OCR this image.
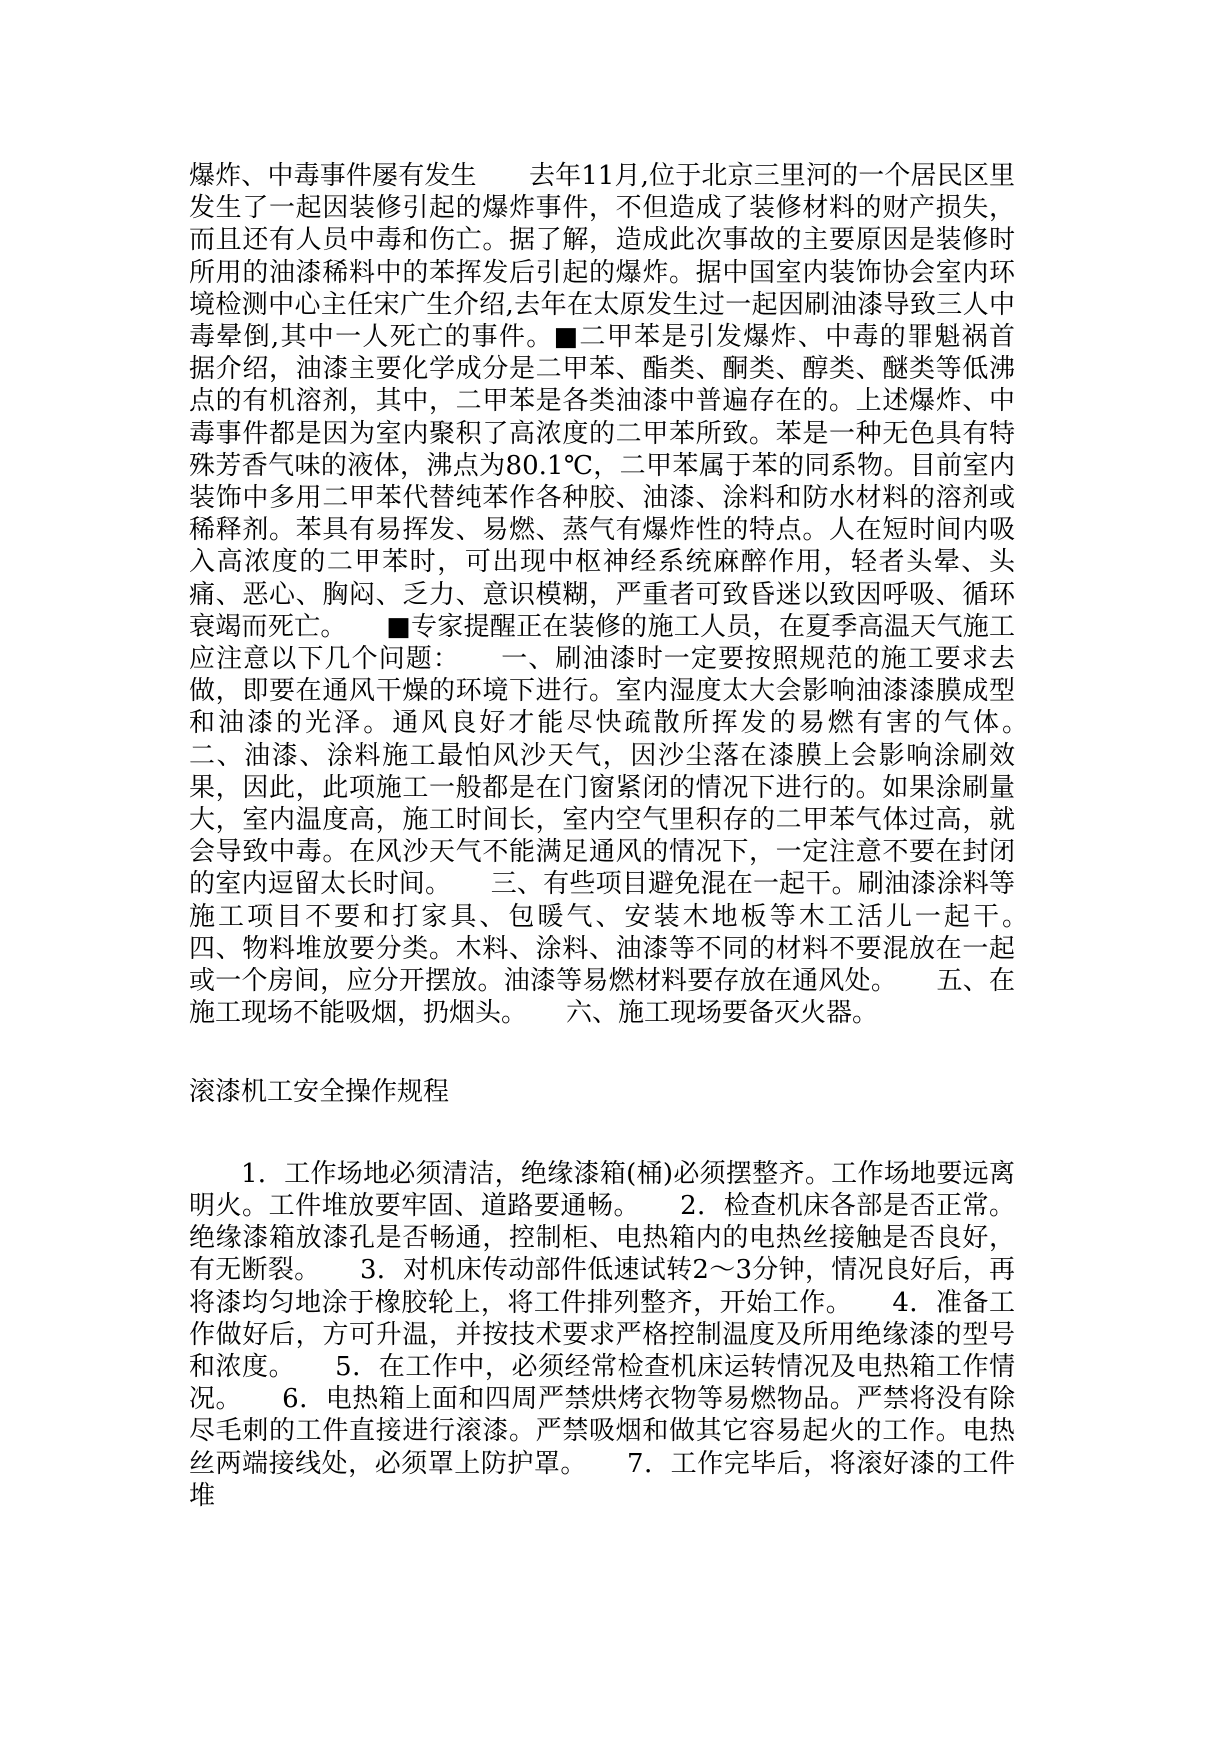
爆炸、中毒事件屡有发生　　去年11月,位于北京三里河的一个居民区里发生了一起因装修引起的爆炸事件，不但造成了装修材料的财产损失，而且还有人员中毒和伤亡。据了解，造成此次事故的主要原因是装修时所用的油漆稀料中的苯挥发后引起的爆炸。据中国室内装饰协会室内环境检测中心主任宋广生介绍,去年在太原发生过一起因刷油漆导致三人中毒晕倒,其中一人死亡的事件。■二甲苯是引发爆炸、中毒的罪魁祸首　　据介绍，油漆主要化学成分是二甲苯、酯类、酮类、醇类、醚类等低沸点的有机溶剂，其中，二甲苯是各类油漆中普遍存在的。上述爆炸、中毒事件都是因为室内聚积了高浓度的二甲苯所致。苯是一种无色具有特殊芳香气味的液体，沸点为80.1℃，二甲苯属于苯的同系物。目前室内装饰中多用二甲苯代替纯苯作各种胶、油漆、涂料和防水材料的溶剂或稀释剂。苯具有易挥发、易燃、蒸气有爆炸性的特点。人在短时间内吸入高浓度的二甲苯时，可出现中枢神经系统麻醉作用，轻者头晕、头痛、恶心、胸闷、乏力、意识模糊，严重者可致昏迷以致因呼吸、循环衰竭而死亡。　　■专家提醒正在装修的施工人员，在夏季高温天气施工应注意以下几个问题：　　一、刷油漆时一定要按照规范的施工要求去做，即要在通风干燥的环境下进行。室内湿度太大会影响油漆漆膜成型和油漆的光泽。通风良好才能尽快疏散所挥发的易燃有害的气体。　　二、油漆、涂料施工最怕风沙天气，因沙尘落在漆膜上会影响涂刷效果，因此，此项施工一般都是在门窗紧闭的情况下进行的。如果涂刷量大，室内温度高，施工时间长，室内空气里积存的二甲苯气体过高，就会导致中毒。在风沙天气不能满足通风的情况下，一定注意不要在封闭的室内逗留太长时间。　　三、有些项目避免混在一起干。刷油漆涂料等施工项目不要和打家具、包暖气、安装木地板等木工活儿一起干。　　四、物料堆放要分类。木料、涂料、油漆等不同的材料不要混放在一起或一个房间，应分开摆放。油漆等易燃材料要存放在通风处。　　五、在施工现场不能吸烟，扔烟头。　　六、施工现场要备灭火器。

滚漆机工安全操作规程

1．工作场地必须清洁，绝缘漆箱(桶)必须摆整齐。工作场地要远离明火。工件堆放要牢固、道路要通畅。　　2．检查机床各部是否正常。绝缘漆箱放漆孔是否畅通，控制柜、电热箱内的电热丝接触是否良好，有无断裂。　　3．对机床传动部件低速试转2～3分钟，情况良好后，再将漆均匀地涂于橡胶轮上，将工件排列整齐，开始工作。　　4．准备工作做好后，方可升温，并按技术要求严格控制温度及所用绝缘漆的型号和浓度。　　5．在工作中，必须经常检查机床运转情况及电热箱工作情况。　　6．电热箱上面和四周严禁烘烤衣物等易燃物品。严禁将没有除尽毛刺的工件直接进行滚漆。严禁吸烟和做其它容易起火的工作。电热丝两端接线处，必须罩上防护罩。　　7．工作完毕后，将滚好漆的工件堆
